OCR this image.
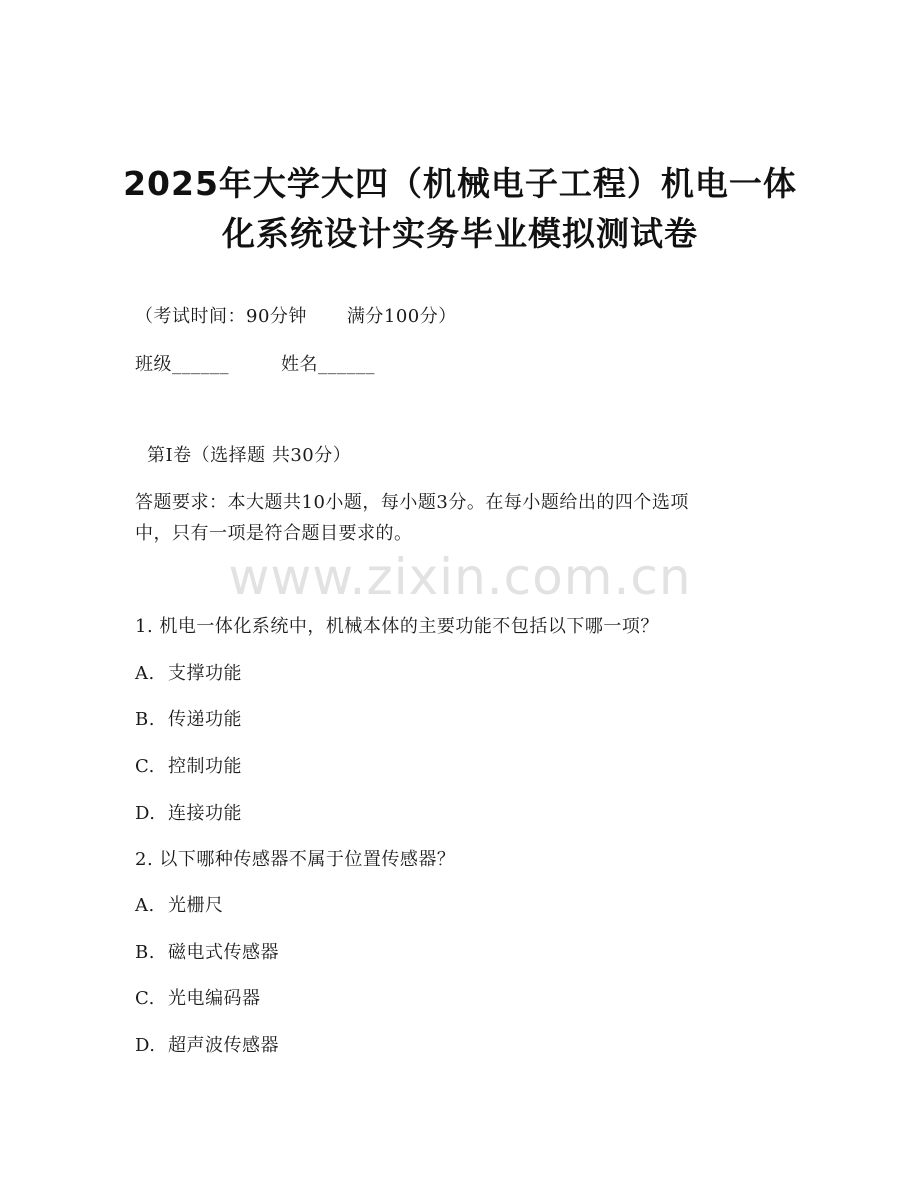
2025年大学大四（机械电子工程）机电一体
化系统设计实务毕业模拟测试卷
（考试时间：90分钟 满分100分）
班级______	姓名______
第Ⅰ卷（选择题 共30分）
答题要求：本大题共10小题，每小题3分。在每小题给出的四个选项
中，只有一项是符合题目要求的。
www.zixin.com.cn
1. 机电一体化系统中，机械本体的主要功能不包括以下哪一项？
A. 支撑功能
B. 传递功能
C. 控制功能
D. 连接功能
2. 以下哪种传感器不属于位置传感器？
A. 光栅尺
B. 磁电式传感器
C. 光电编码器
D. 超声波传感器
